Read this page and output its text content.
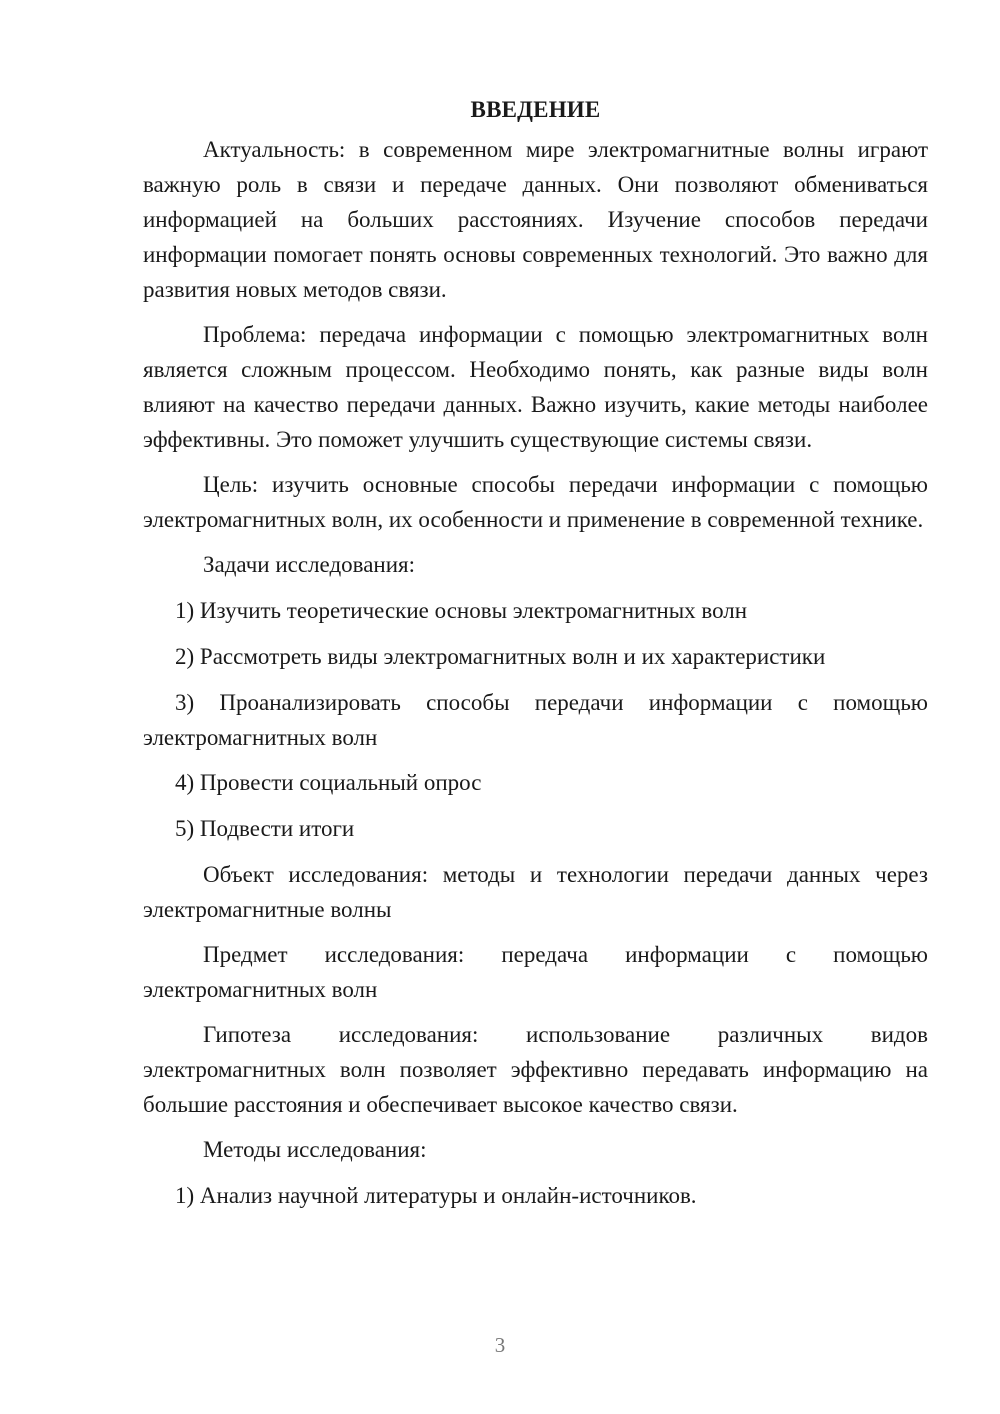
ВВЕДЕНИЕ

Актуальность: в современном мире электромагнитные волны играют важную роль в связи и передаче данных. Они позволяют обмениваться информацией на больших расстояниях. Изучение способов передачи информации помогает понять основы современных технологий. Это важно для развития новых методов связи.

Проблема: передача информации с помощью электромагнитных волн является сложным процессом. Необходимо понять, как разные виды волн влияют на качество передачи данных. Важно изучить, какие методы наиболее эффективны. Это поможет улучшить существующие системы связи.

Цель: изучить основные способы передачи информации с помощью электромагнитных волн, их особенности и применение в современной технике.

Задачи исследования:

1) Изучить теоретические основы электромагнитных волн

2) Рассмотреть виды электромагнитных волн и их характеристики

3) Проанализировать способы передачи информации с помощью электромагнитных волн

4) Провести социальный опрос

5) Подвести итоги

Объект исследования: методы и технологии передачи данных через электромагнитные волны

Предмет исследования: передача информации с помощью электромагнитных волн

Гипотеза исследования: использование различных видов электромагнитных волн позволяет эффективно передавать информацию на большие расстояния и обеспечивает высокое качество связи.

Методы исследования:

1) Анализ научной литературы и онлайн-источников.

3
